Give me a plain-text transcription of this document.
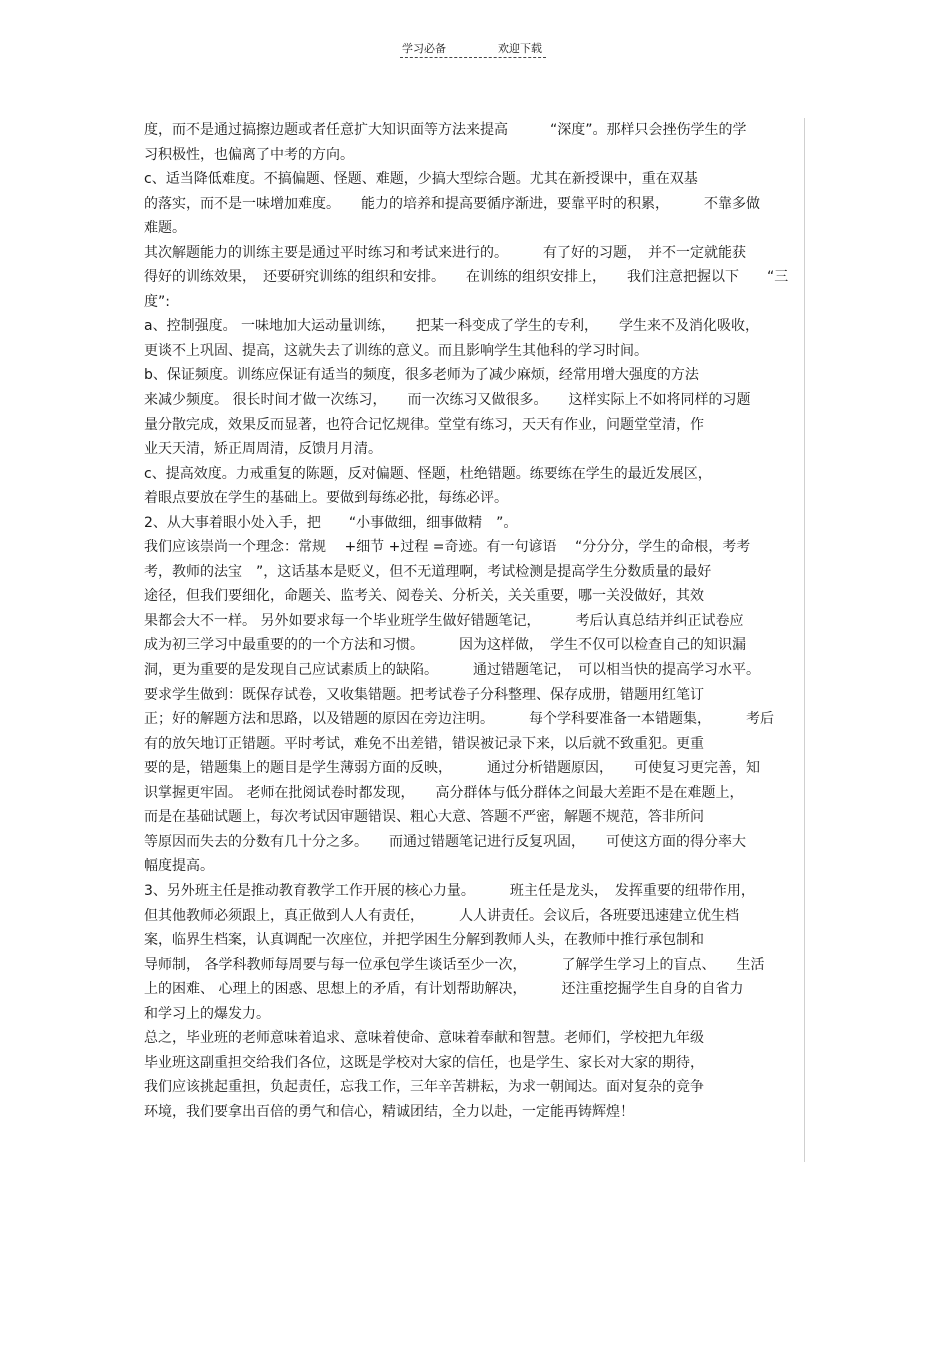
学习必备	欢迎下载
度，而不是通过搞擦边题或者任意扩大知识面等方法来提高　　　“深度”。那样只会挫伤学生的学
习积极性，也偏离了中考的方向。
c、适当降低难度。不搞偏题、怪题、难题，少搞大型综合题。尤其在新授课中，重在双基
的落实，而不是一味增加难度。　　能力的培养和提高要循序渐进，要靠平时的积累，　　　不靠多做
难题。
其次解题能力的训练主要是通过平时练习和考试来进行的。　　　有了好的习题，　并不一定就能获
得好的训练效果，　还要研究训练的组织和安排。　　在训练的组织安排上，　　我们注意把握以下　　“三
度”:
a、控制强度。 一味地加大运动量训练，　　把某一科变成了学生的专利，　　学生来不及消化吸收，
更谈不上巩固、提高，这就失去了训练的意义。而且影响学生其他科的学习时间。
b、保证频度。训练应保证有适当的频度，很多老师为了减少麻烦，经常用增大强度的方法
来减少频度。 很长时间才做一次练习，　　而一次练习又做很多。　　这样实际上不如将同样的习题
量分散完成，效果反而显著，也符合记忆规律。堂堂有练习，天天有作业，问题堂堂清，作
业天天清，矫正周周清，反馈月月清。
c、提高效度。力戒重复的陈题，反对偏题、怪题，杜绝错题。练要练在学生的最近发展区，
着眼点要放在学生的基础上。要做到每练必批，每练必评。
2、从大事着眼小处入手，把　　“小事做细，细事做精　”。
我们应该崇尚一个理念：常规　 +细节 +过程 =奇迹。有一句谚语　 “分分分，学生的命根，考考
考，教师的法宝　”，这话基本是贬义，但不无道理啊，考试检测是提高学生分数质量的最好
途径，但我们要细化，命题关、监考关、阅卷关、分析关，关关重要，哪一关没做好，其效
果都会大不一样。 另外如要求每一个毕业班学生做好错题笔记，　　　考后认真总结并纠正试卷应
成为初三学习中最重要的的一个方法和习惯。　　　因为这样做，　学生不仅可以检查自己的知识漏
洞，更为重要的是发现自己应试素质上的缺陷。　　　通过错题笔记，　可以相当快的提高学习水平。
要求学生做到：既保存试卷，又收集错题。把考试卷子分科整理、保存成册，错题用红笔订
正；好的解题方法和思路，以及错题的原因在旁边注明。　　　每个学科要准备一本错题集，　　　考后
有的放矢地订正错题。平时考试，难免不出差错，错误被记录下来，以后就不致重犯。更重
要的是，错题集上的题目是学生薄弱方面的反映，　　　通过分析错题原因，　　可使复习更完善，知
识掌握更牢固。 老师在批阅试卷时都发现，　　高分群体与低分群体之间最大差距不是在难题上，
而是在基础试题上，每次考试因审题错误、粗心大意、答题不严密，解题不规范，答非所问
等原因而失去的分数有几十分之多。　　而通过错题笔记进行反复巩固，　　可使这方面的得分率大
幅度提高。
3、另外班主任是推动教育教学工作开展的核心力量。　　　班主任是龙头，　发挥重要的纽带作用，
但其他教师必须跟上，真正做到人人有责任，　　　人人讲责任。会议后，各班要迅速建立优生档
案，临界生档案，认真调配一次座位，并把学困生分解到教师人头，在教师中推行承包制和
导师制， 各学科教师每周要与每一位承包学生谈话至少一次，　　　了解学生学习上的盲点、　　生活
上的困难、 心理上的困惑、思想上的矛盾，有计划帮助解决，　　　还注重挖掘学生自身的自省力
和学习上的爆发力。
总之，毕业班的老师意味着追求、意味着使命、意味着奉献和智慧。老师们，学校把九年级
毕业班这副重担交给我们各位，这既是学校对大家的信任，也是学生、家长对大家的期待，
我们应该挑起重担，负起责任，忘我工作，三年辛苦耕耘，为求一朝闻达。面对复杂的竞争
环境，我们要拿出百倍的勇气和信心，精诚团结，全力以赴，一定能再铸辉煌！
